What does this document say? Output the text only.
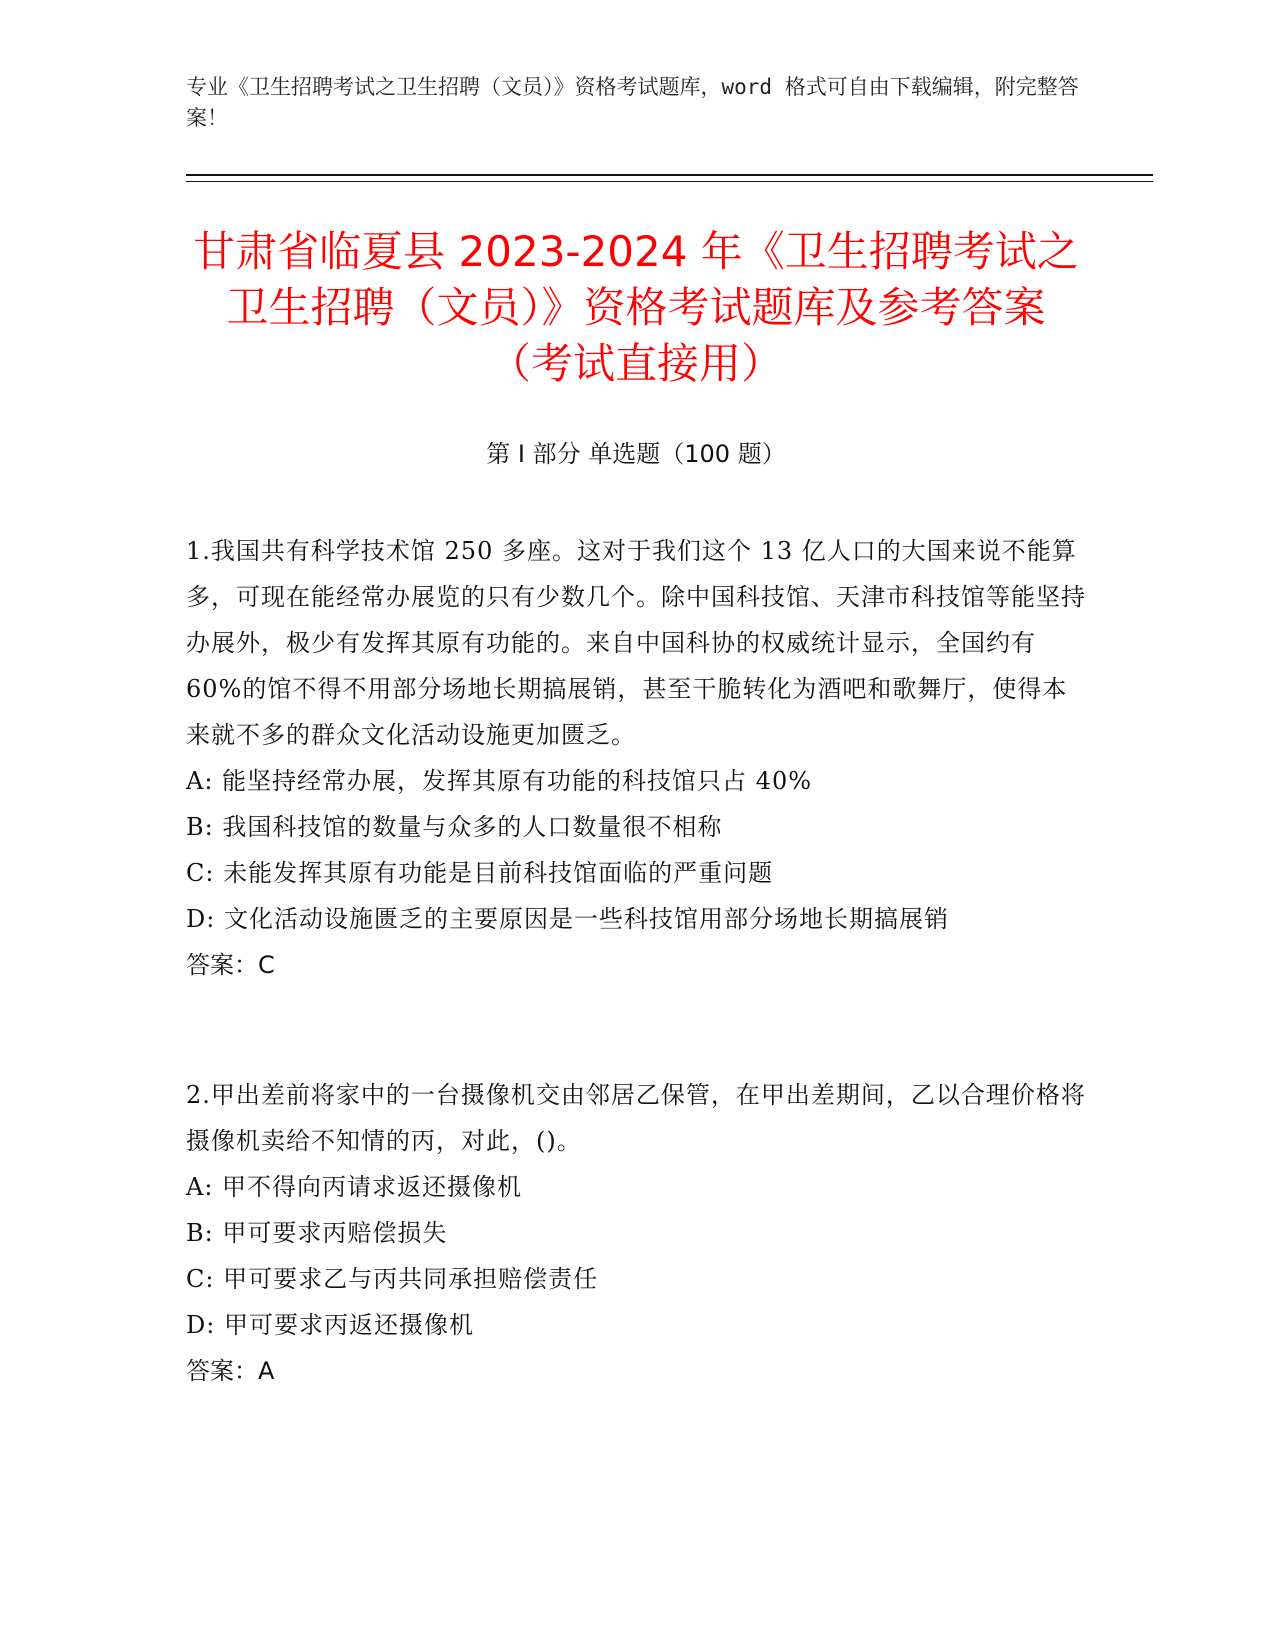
专业《卫生招聘考试之卫生招聘（文员）》资格考试题库，word 格式可自由下载编辑，附完整答案！
甘肃省临夏县 2023-2024 年《卫生招聘考试之卫生招聘（文员）》资格考试题库及参考答案（考试直接用）
第 I 部分 单选题（100 题）

1.我国共有科学技术馆 250 多座。这对于我们这个 13 亿人口的大国来说不能算多，可现在能经常办展览的只有少数几个。除中国科技馆、天津市科技馆等能坚持办展外，极少有发挥其原有功能的。来自中国科协的权威统计显示，全国约有 60%的馆不得不用部分场地长期搞展销，甚至干脆转化为酒吧和歌舞厅，使得本来就不多的群众文化活动设施更加匮乏。

A: 能坚持经常办展，发挥其原有功能的科技馆只占 40%
B: 我国科技馆的数量与众多的人口数量很不相称
C: 未能发挥其原有功能是目前科技馆面临的严重问题
D: 文化活动设施匮乏的主要原因是一些科技馆用部分场地长期搞展销
答案：C

2.甲出差前将家中的一台摄像机交由邻居乙保管，在甲出差期间，乙以合理价格将摄像机卖给不知情的丙，对此，()。

A: 甲不得向丙请求返还摄像机
B: 甲可要求丙赔偿损失
C: 甲可要求乙与丙共同承担赔偿责任
D: 甲可要求丙返还摄像机
答案：A
